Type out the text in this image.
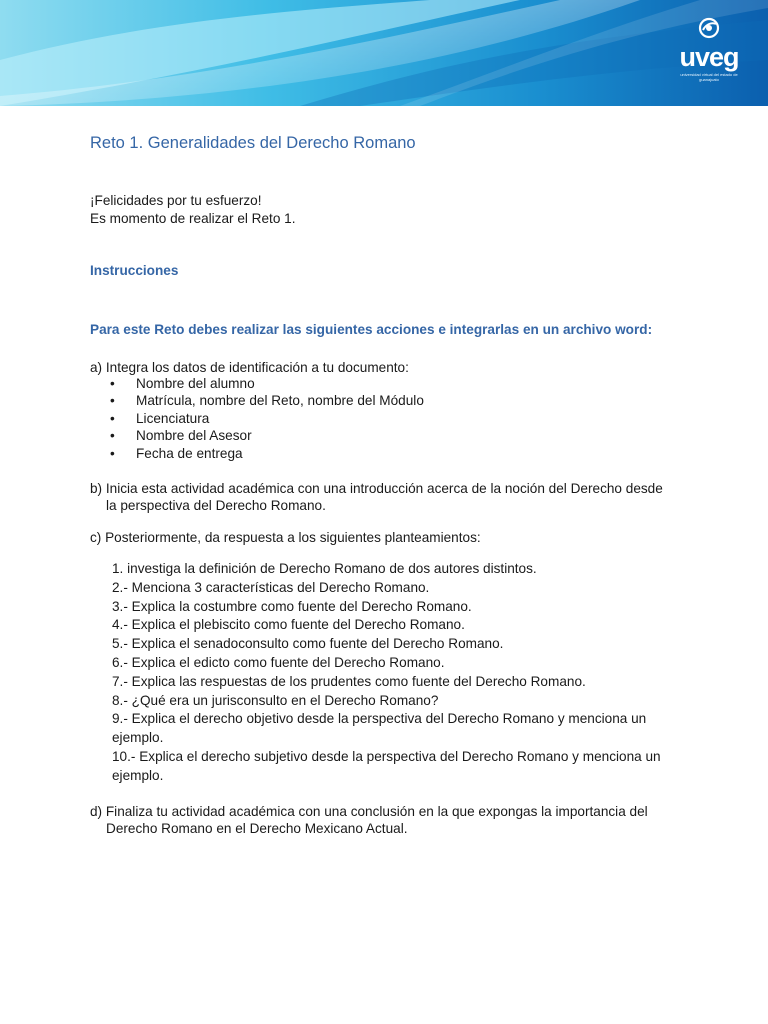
uveg
universidad virtual del estado de guanajuato
Reto 1. Generalidades del Derecho Romano
¡Felicidades por tu esfuerzo!
Es momento de realizar el Reto 1.
Instrucciones
Para este Reto debes realizar las siguientes acciones e integrarlas en un archivo word:
a) Integra los datos de identificación a tu documento:
• Nombre del alumno
• Matrícula, nombre del Reto, nombre del Módulo
• Licenciatura
• Nombre del Asesor
• Fecha de entrega
b) Inicia esta actividad académica con una introducción acerca de la noción del Derecho desde
la perspectiva del Derecho Romano.
c) Posteriormente, da respuesta a los siguientes planteamientos:
1. investiga la definición de Derecho Romano de dos autores distintos.
2.- Menciona 3 características del Derecho Romano.
3.- Explica la costumbre como fuente del Derecho Romano.
4.- Explica el plebiscito como fuente del Derecho Romano.
5.- Explica el senadoconsulto como fuente del Derecho Romano.
6.- Explica el edicto como fuente del Derecho Romano.
7.- Explica las respuestas de los prudentes como fuente del Derecho Romano.
8.- ¿Qué era un jurisconsulto en el Derecho Romano?
9.- Explica el derecho objetivo desde la perspectiva del Derecho Romano y menciona un
ejemplo.
10.- Explica el derecho subjetivo desde la perspectiva del Derecho Romano y menciona un
ejemplo.
d) Finaliza tu actividad académica con una conclusión en la que expongas la importancia del
Derecho Romano en el Derecho Mexicano Actual.
